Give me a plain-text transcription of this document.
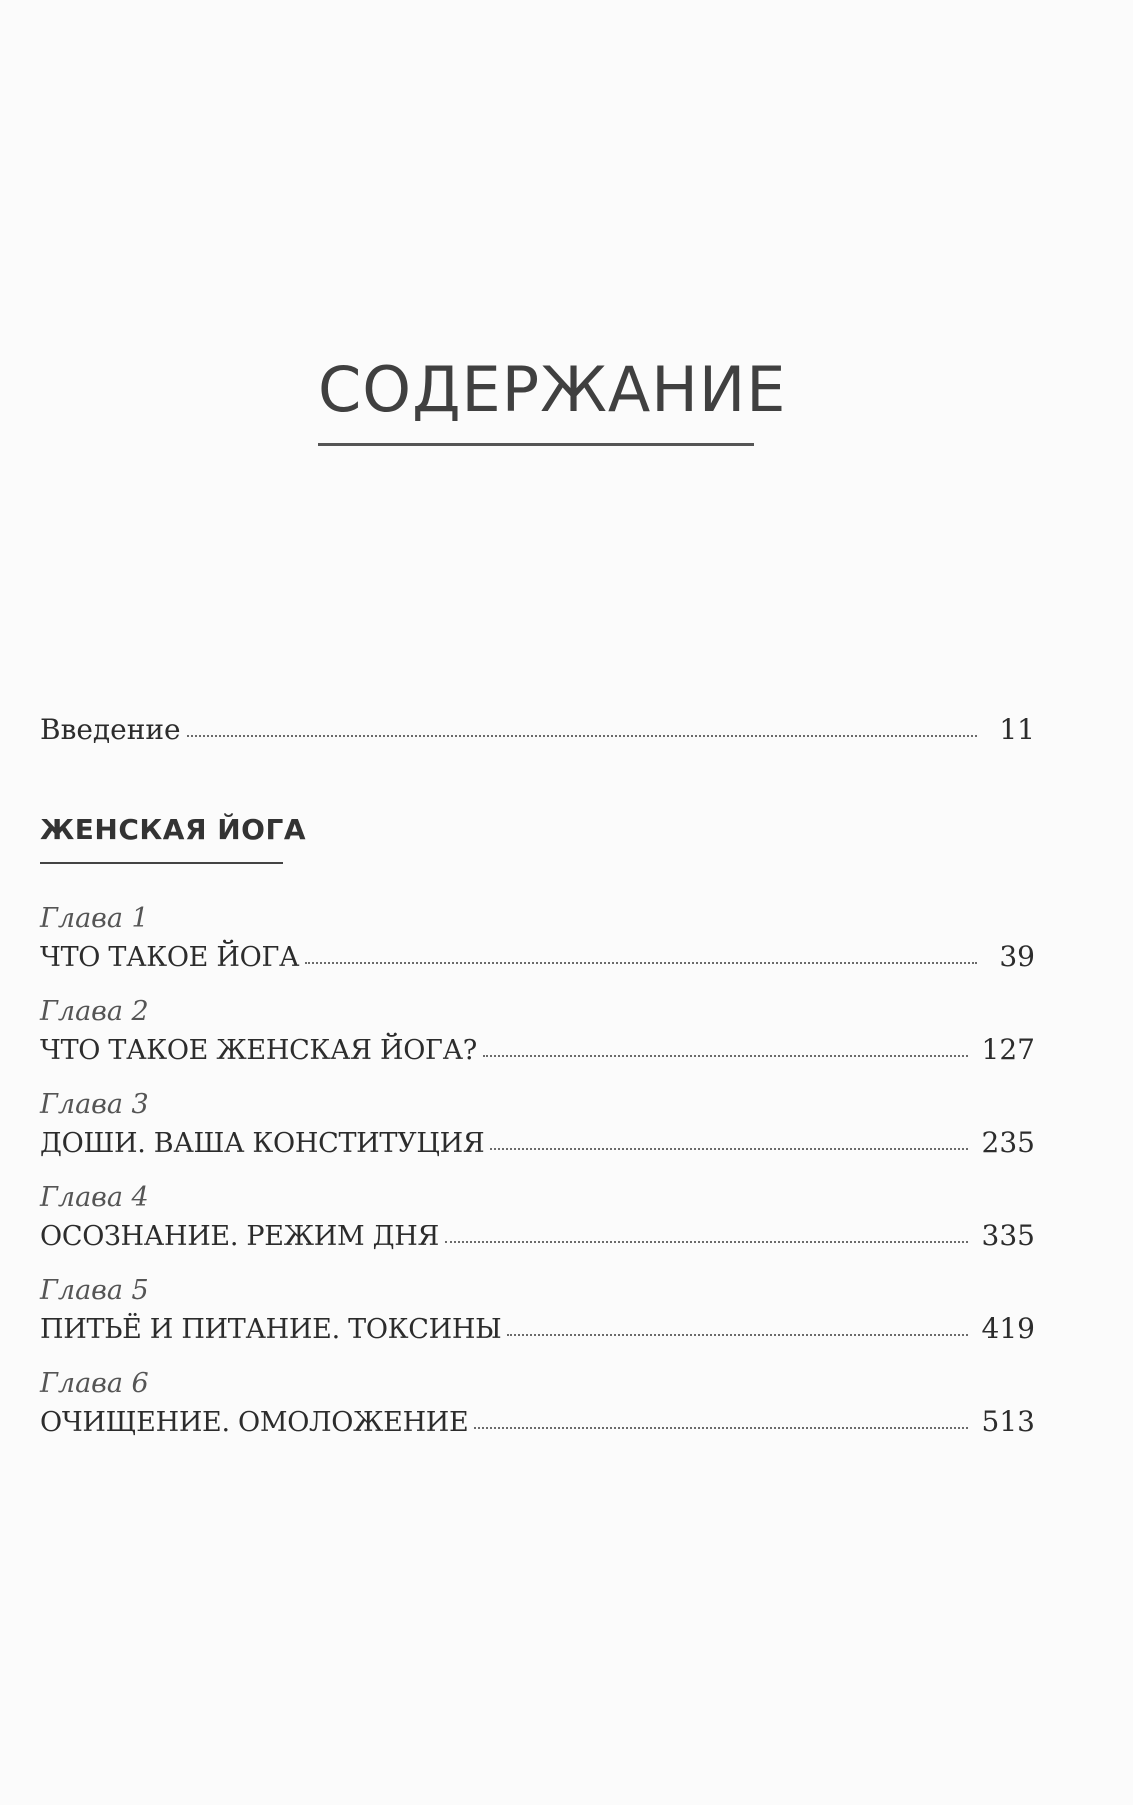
СОДЕРЖАНИЕ
Введение	11
ЖЕНСКАЯ ЙОГА
Глава 1
ЧТО ТАКОЕ ЙОГА	39
Глава 2
ЧТО ТАКОЕ ЖЕНСКАЯ ЙОГА?	127
Глава 3
ДОШИ. ВАША КОНСТИТУЦИЯ	235
Глава 4
ОСОЗНАНИЕ. РЕЖИМ ДНЯ	335
Глава 5
ПИТЬЁ И ПИТАНИЕ. ТОКСИНЫ	419
Глава 6
ОЧИЩЕНИЕ. ОМОЛОЖЕНИЕ	513
